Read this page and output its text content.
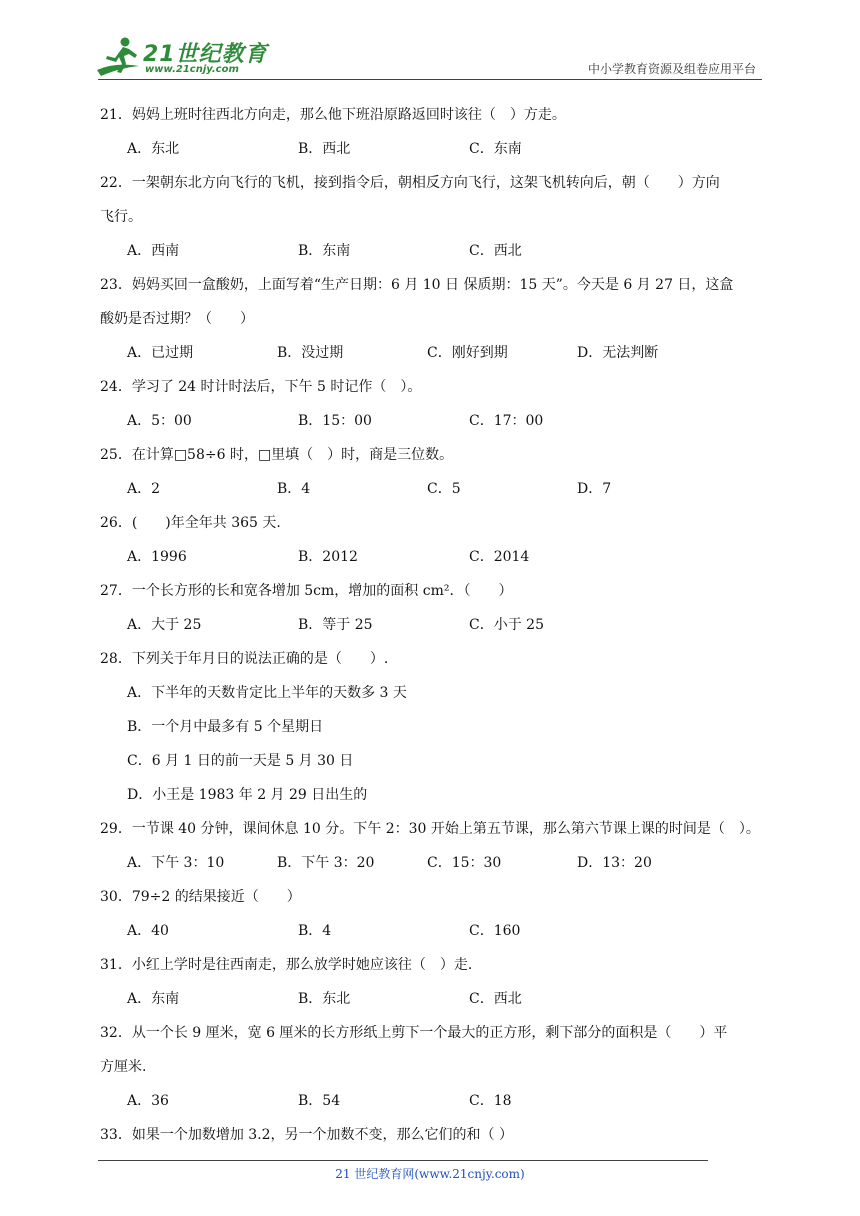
21世纪教育
www.21cnjy.com	中小学教育资源及组卷应用平台
21．妈妈上班时往西北方向走，那么他下班沿原路返回时该往（　）方走。
A．东北	B．西北	C．东南
22．一架朝东北方向飞行的飞机，接到指令后，朝相反方向飞行，这架飞机转向后，朝（　　）方向
飞行。
A．西南	B．东南	C．西北
23．妈妈买回一盒酸奶，上面写着“生产日期：6 月 10 日 保质期：15 天”。今天是 6 月 27 日，这盒
酸奶是否过期？（　　）
A．已过期	B．没过期	C．刚好到期	D．无法判断
24．学习了 24 时计时法后，下午 5 时记作（　）。
A．5：00	B．15：00	C．17：00
25．在计算□58÷6 时，□里填（　）时，商是三位数。
A．2	B．4	C．5	D．7
26．(　　)年全年共 365 天.
A．1996	B．2012	C．2014
27．一个长方形的长和宽各增加 5cm，增加的面积 cm²．（　　）
A．大于 25	B．等于 25	C．小于 25
28．下列关于年月日的说法正确的是（　　）.
A．下半年的天数肯定比上半年的天数多 3 天
B．一个月中最多有 5 个星期日
C．6 月 1 日的前一天是 5 月 30 日
D．小王是 1983 年 2 月 29 日出生的
29．一节课 40 分钟，课间休息 10 分。下午 2：30 开始上第五节课，那么第六节课上课的时间是（　）。
A．下午 3：10	B．下午 3：20	C．15：30	D．13：20
30．79÷2 的结果接近（　　）
A．40	B．4	C．160
31．小红上学时是往西南走，那么放学时她应该往（　）走.
A．东南	B．东北	C．西北
32．从一个长 9 厘米，宽 6 厘米的长方形纸上剪下一个最大的正方形，剩下部分的面积是（　　）平
方厘米.
A．36	B．54	C．18
33．如果一个加数增加 3.2，另一个加数不变，那么它们的和（ ）
21 世纪教育网(www.21cnjy.com)
